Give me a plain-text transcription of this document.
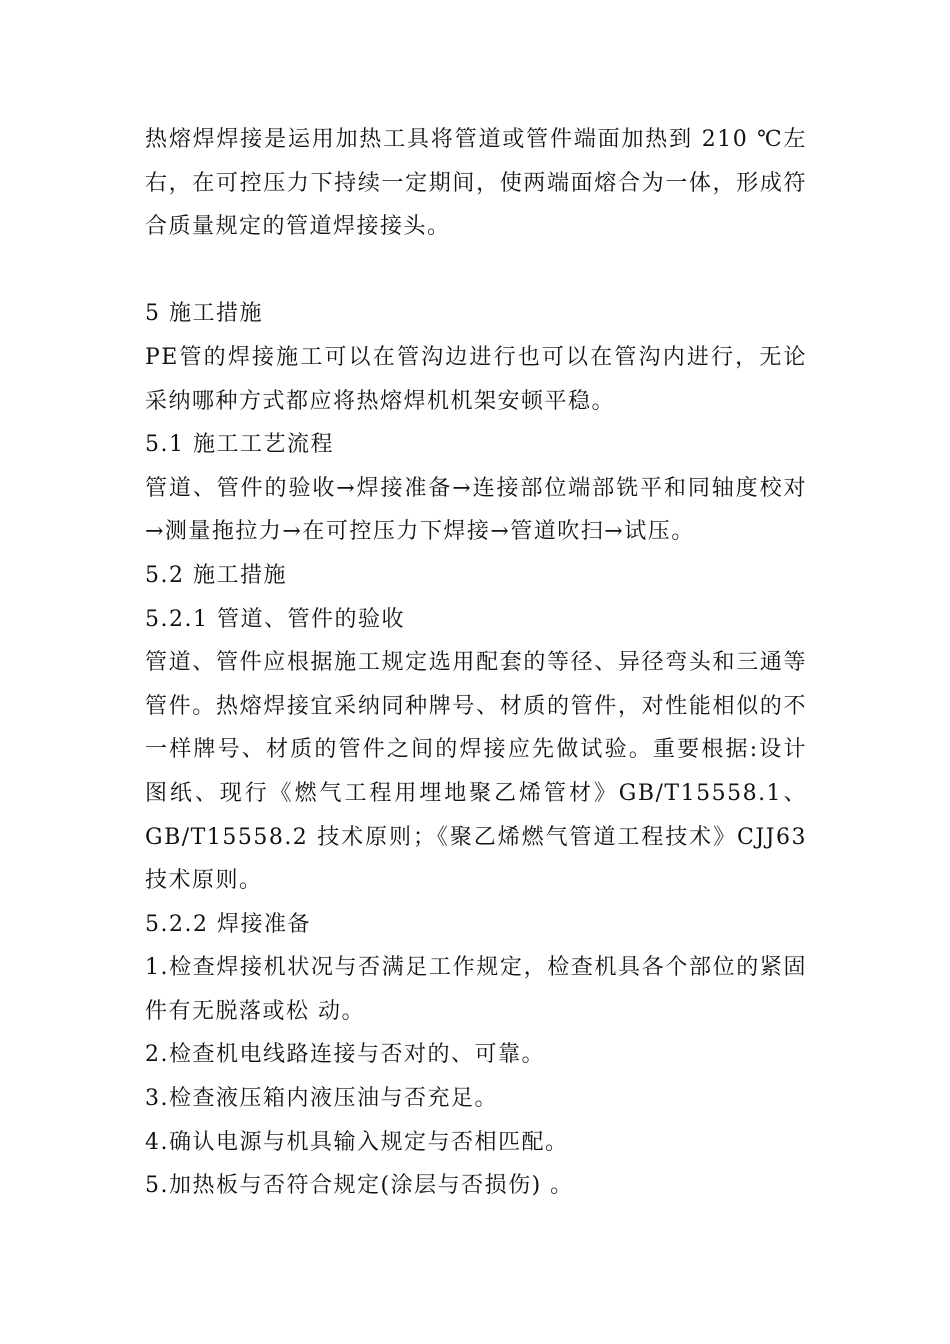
热熔焊焊接是运用加热工具将管道或管件端面加热到 210 ℃左右，在可控压力下持续一定期间，使两端面熔合为一体，形成符合质量规定的管道焊接接头。

5 施工措施

PE管的焊接施工可以在管沟边进行也可以在管沟内进行，无论采纳哪种方式都应将热熔焊机机架安顿平稳。

5.1 施工工艺流程

管道、管件的验收→焊接准备→连接部位端部铣平和同轴度校对→测量拖拉力→在可控压力下焊接→管道吹扫→试压。

5.2 施工措施

5.2.1 管道、管件的验收

管道、管件应根据施工规定选用配套的等径、异径弯头和三通等管件。热熔焊接宜采纳同种牌号、材质的管件，对性能相似的不一样牌号、材质的管件之间的焊接应先做试验。重要根据:设计图纸、现行《燃气工程用埋地聚乙烯管材》GB/T15558.1、GB/T15558.2 技术原则；《聚乙烯燃气管道工程技术》CJJ63技术原则。

5.2.2 焊接准备

1.检查焊接机状况与否满足工作规定，检查机具各个部位的紧固件有无脱落或松 动。

2.检查机电线路连接与否对的、可靠。

3.检查液压箱内液压油与否充足。

4.确认电源与机具输入规定与否相匹配。

5.加热板与否符合规定(涂层与否损伤) 。
